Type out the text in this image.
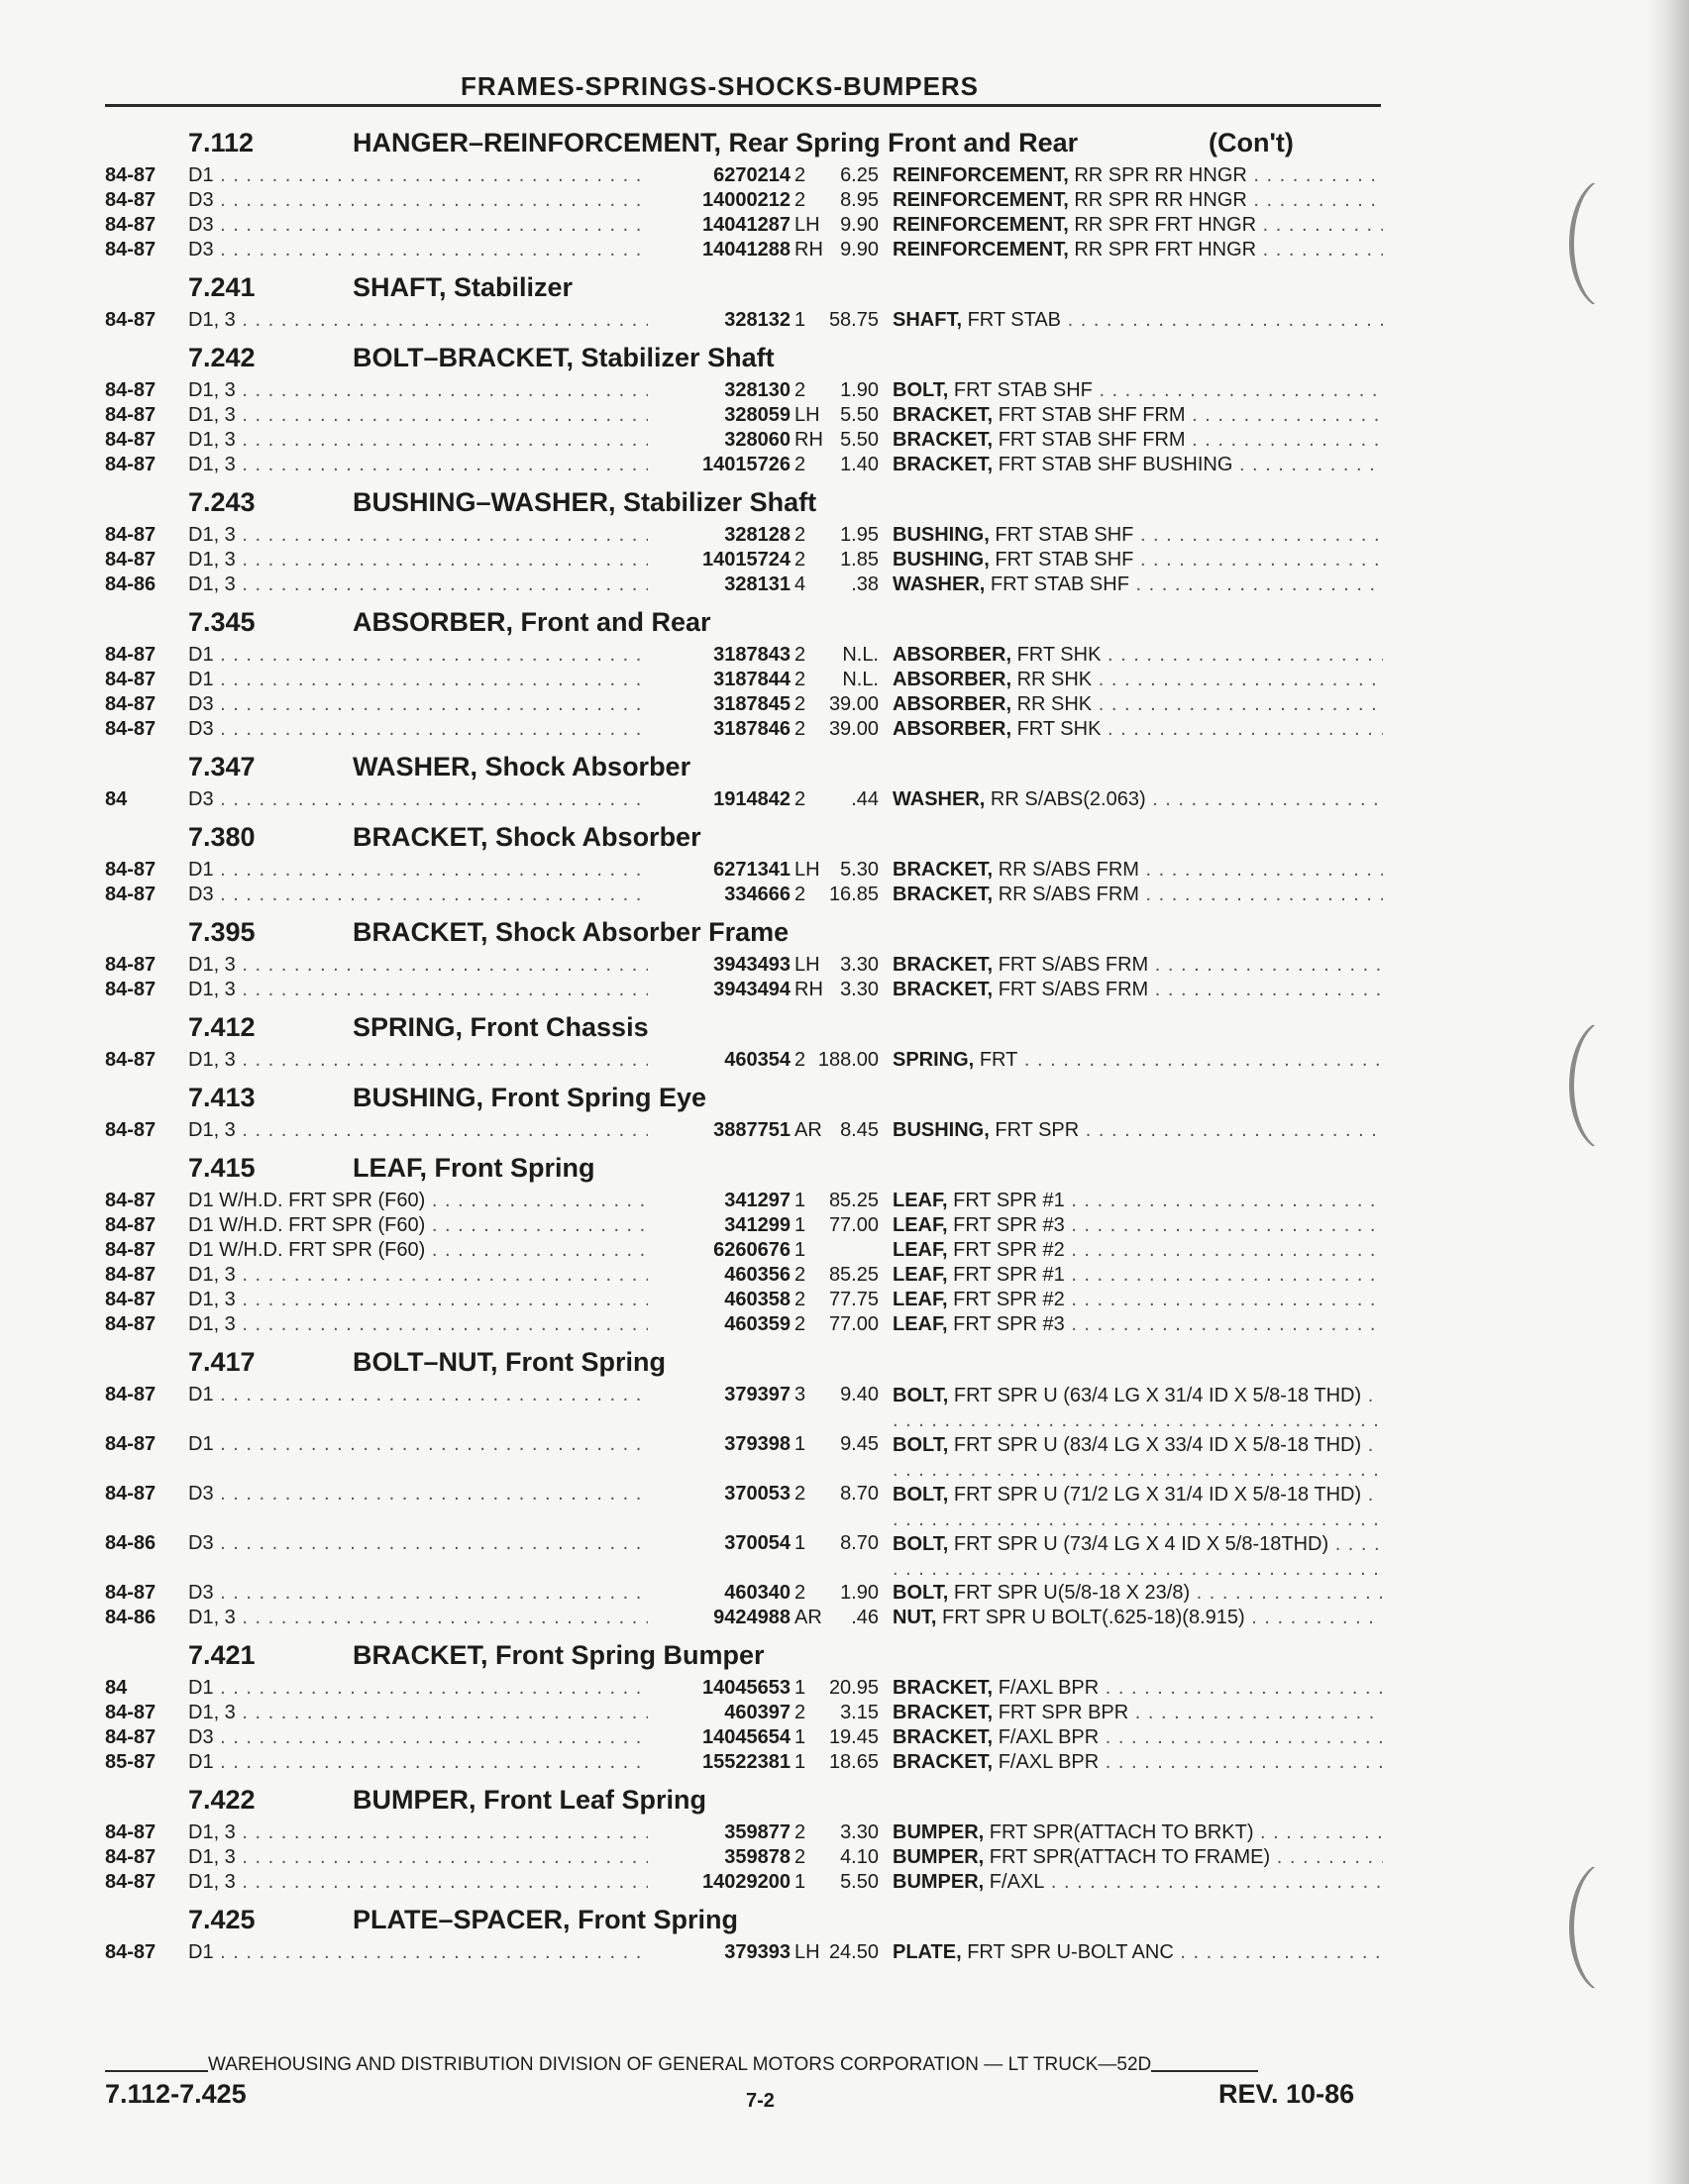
FRAMES-SPRINGS-SHOCKS-BUMPERS
7.112	HANGER–REINFORCEMENT, Rear Spring Front and Rear	(Con't)
84-87 D1 . . .	6270214 2	6.25 REINFORCEMENT, RR SPR RR HNGR . . .
84-87 D3 . . .	14000212 2	8.95 REINFORCEMENT, RR SPR RR HNGR . . .
84-87 D3 . . .	14041287 LH	9.90 REINFORCEMENT, RR SPR FRT HNGR . . .
84-87 D3 . . .	14041288 RH 9.90 REINFORCEMENT, RR SPR FRT HNGR . . .
7.241	SHAFT, Stabilizer
84-87 D1, 3 . . .	328132 1	58.75 SHAFT, FRT STAB . . .
7.242	BOLT–BRACKET, Stabilizer Shaft
84-87 D1, 3 . . .	328130 2	1.90 BOLT, FRT STAB SHF . . .
84-87 D1, 3 . . .	328059 LH	5.50 BRACKET, FRT STAB SHF FRM . . .
84-87 D1, 3 . . .	328060 RH 5.50 BRACKET, FRT STAB SHF FRM . . .
84-87 D1, 3 . . .	14015726 2	1.40 BRACKET, FRT STAB SHF BUSHING . . .
7.243	BUSHING–WASHER, Stabilizer Shaft
84-87 D1, 3 . . .	328128 2	1.95 BUSHING, FRT STAB SHF . . .
84-87 D1, 3 . . .	14015724 2	1.85 BUSHING, FRT STAB SHF . . .
84-86 D1, 3 . . .	328131 4	.38 WASHER, FRT STAB SHF . . .
7.345	ABSORBER, Front and Rear
84-87 D1 . . .	3187843 2	N.L. ABSORBER, FRT SHK . . .
84-87 D1 . . .	3187844 2	N.L. ABSORBER, RR SHK . . .
84-87 D3 . . .	3187845 2	39.00 ABSORBER, RR SHK . . .
84-87 D3 . . .	3187846 2	39.00 ABSORBER, FRT SHK . . .
7.347	WASHER, Shock Absorber
84	D3 . . .	1914842 2	.44 WASHER, RR S/ABS(2.063) . . .
7.380	BRACKET, Shock Absorber
84-87 D1 . . .	6271341 LH	5.30 BRACKET, RR S/ABS FRM . . .
84-87 D3 . . .	334666 2	16.85 BRACKET, RR S/ABS FRM . . .
7.395	BRACKET, Shock Absorber Frame
84-87 D1, 3 . . .	3943493 LH	3.30 BRACKET, FRT S/ABS FRM . . .
84-87 D1, 3 . . .	3943494 RH 3.30 BRACKET, FRT S/ABS FRM . . .
7.412	SPRING, Front Chassis
84-87 D1, 3 . . .	460354 2 188.00 SPRING, FRT . . .
7.413	BUSHING, Front Spring Eye
84-87 D1, 3 . . .	3887751 AR 8.45 BUSHING, FRT SPR . . .
7.415	LEAF, Front Spring
84-87 D1 W/H.D. FRT SPR (F60) . . .	341297 1	85.25 LEAF, FRT SPR #1 . . .
84-87 D1 W/H.D. FRT SPR (F60) . . .	341299 1	77.00 LEAF, FRT SPR #3 . . .
84-87 D1 W/H.D. FRT SPR (F60) . . .	6260676 1	LEAF, FRT SPR #2 . . .
84-87 D1, 3 . . .	460356 2	85.25 LEAF, FRT SPR #1 . . .
84-87 D1, 3 . . .	460358 2	77.75 LEAF, FRT SPR #2 . . .
84-87 D1, 3 . . .	460359 2	77.00 LEAF, FRT SPR #3 . . .
7.417	BOLT–NUT, Front Spring
84-87 D1 . . .	379397 3	9.40 BOLT, FRT SPR U (63/4 LG X 31/4 ID X 5/8-18 THD) . . .
84-87 D1 . . .	379398 1	9.45 BOLT, FRT SPR U (83/4 LG X 33/4 ID X 5/8-18 THD) . . .
84-87 D3 . . .	370053 2	8.70 BOLT, FRT SPR U (71/2 LG X 31/4 ID X 5/8-18 THD) . . .
84-86 D3 . . .	370054 1	8.70 BOLT, FRT SPR U (73/4 LG X 4 ID X 5/8-18THD) . . .
84-87 D3 . . .	460340 2	1.90 BOLT, FRT SPR U(5/8-18 X 23/8) . . .
84-86 D1, 3 . . .	9424988 AR	.46 NUT, FRT SPR U BOLT(.625-18)(8.915) . . .
7.421	BRACKET, Front Spring Bumper
84	D1 . . .	14045653 1	20.95 BRACKET, F/AXL BPR . . .
84-87 D1, 3 . . .	460397 2	3.15 BRACKET, FRT SPR BPR . . .
84-87 D3 . . .	14045654 1	19.45 BRACKET, F/AXL BPR . . .
85-87 D1 . . .	15522381 1	18.65 BRACKET, F/AXL BPR . . .
7.422	BUMPER, Front Leaf Spring
84-87 D1, 3 . . .	359877 2	3.30 BUMPER, FRT SPR(ATTACH TO BRKT) . . .
84-87 D1, 3 . . .	359878 2	4.10 BUMPER, FRT SPR(ATTACH TO FRAME) . . .
84-87 D1, 3 . . .	14029200 1	5.50 BUMPER, F/AXL . . .
7.425	PLATE–SPACER, Front Spring
84-87 D1 . . .	379393 LH 24.50 PLATE, FRT SPR U-BOLT ANC . . .
WAREHOUSING AND DISTRIBUTION DIVISION OF GENERAL MOTORS CORPORATION — LT TRUCK—52D
7.112-7.425	7-2	REV. 10-86
